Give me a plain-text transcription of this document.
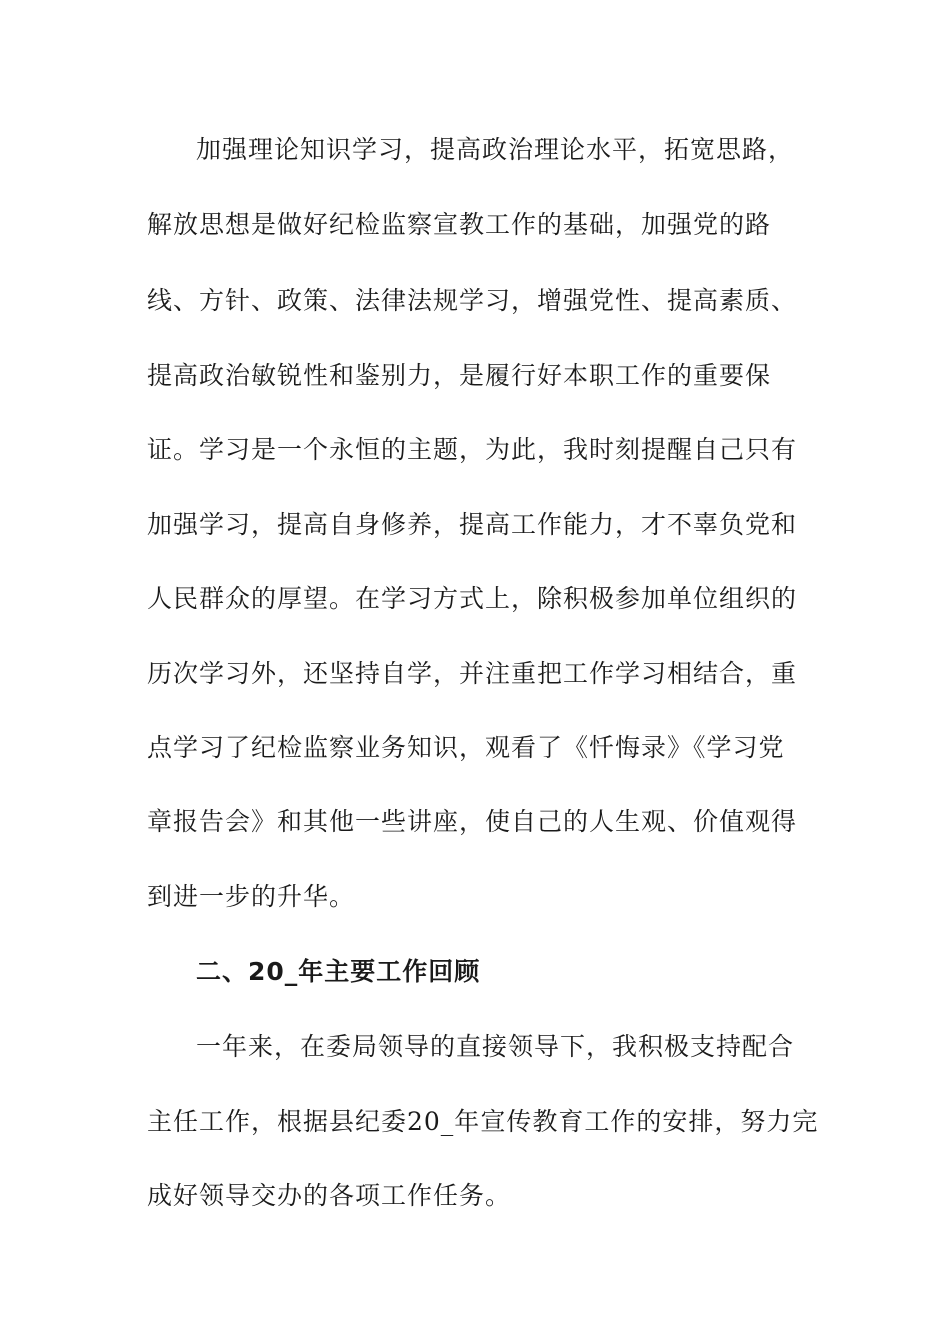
加强理论知识学习，提高政治理论水平，拓宽思路，
解放思想是做好纪检监察宣教工作的基础，加强党的路
线、方针、政策、法律法规学习，增强党性、提高素质、
提高政治敏锐性和鉴别力，是履行好本职工作的重要保
证。学习是一个永恒的主题，为此，我时刻提醒自己只有
加强学习，提高自身修养，提高工作能力，才不辜负党和
人民群众的厚望。在学习方式上，除积极参加单位组织的
历次学习外，还坚持自学，并注重把工作学习相结合，重
点学习了纪检监察业务知识，观看了《忏悔录》《学习党
章报告会》和其他一些讲座，使自己的人生观、价值观得
到进一步的升华。
二、20_年主要工作回顾
一年来，在委局领导的直接领导下，我积极支持配合
主任工作，根据县纪委20_年宣传教育工作的安排，努力完
成好领导交办的各项工作任务。
